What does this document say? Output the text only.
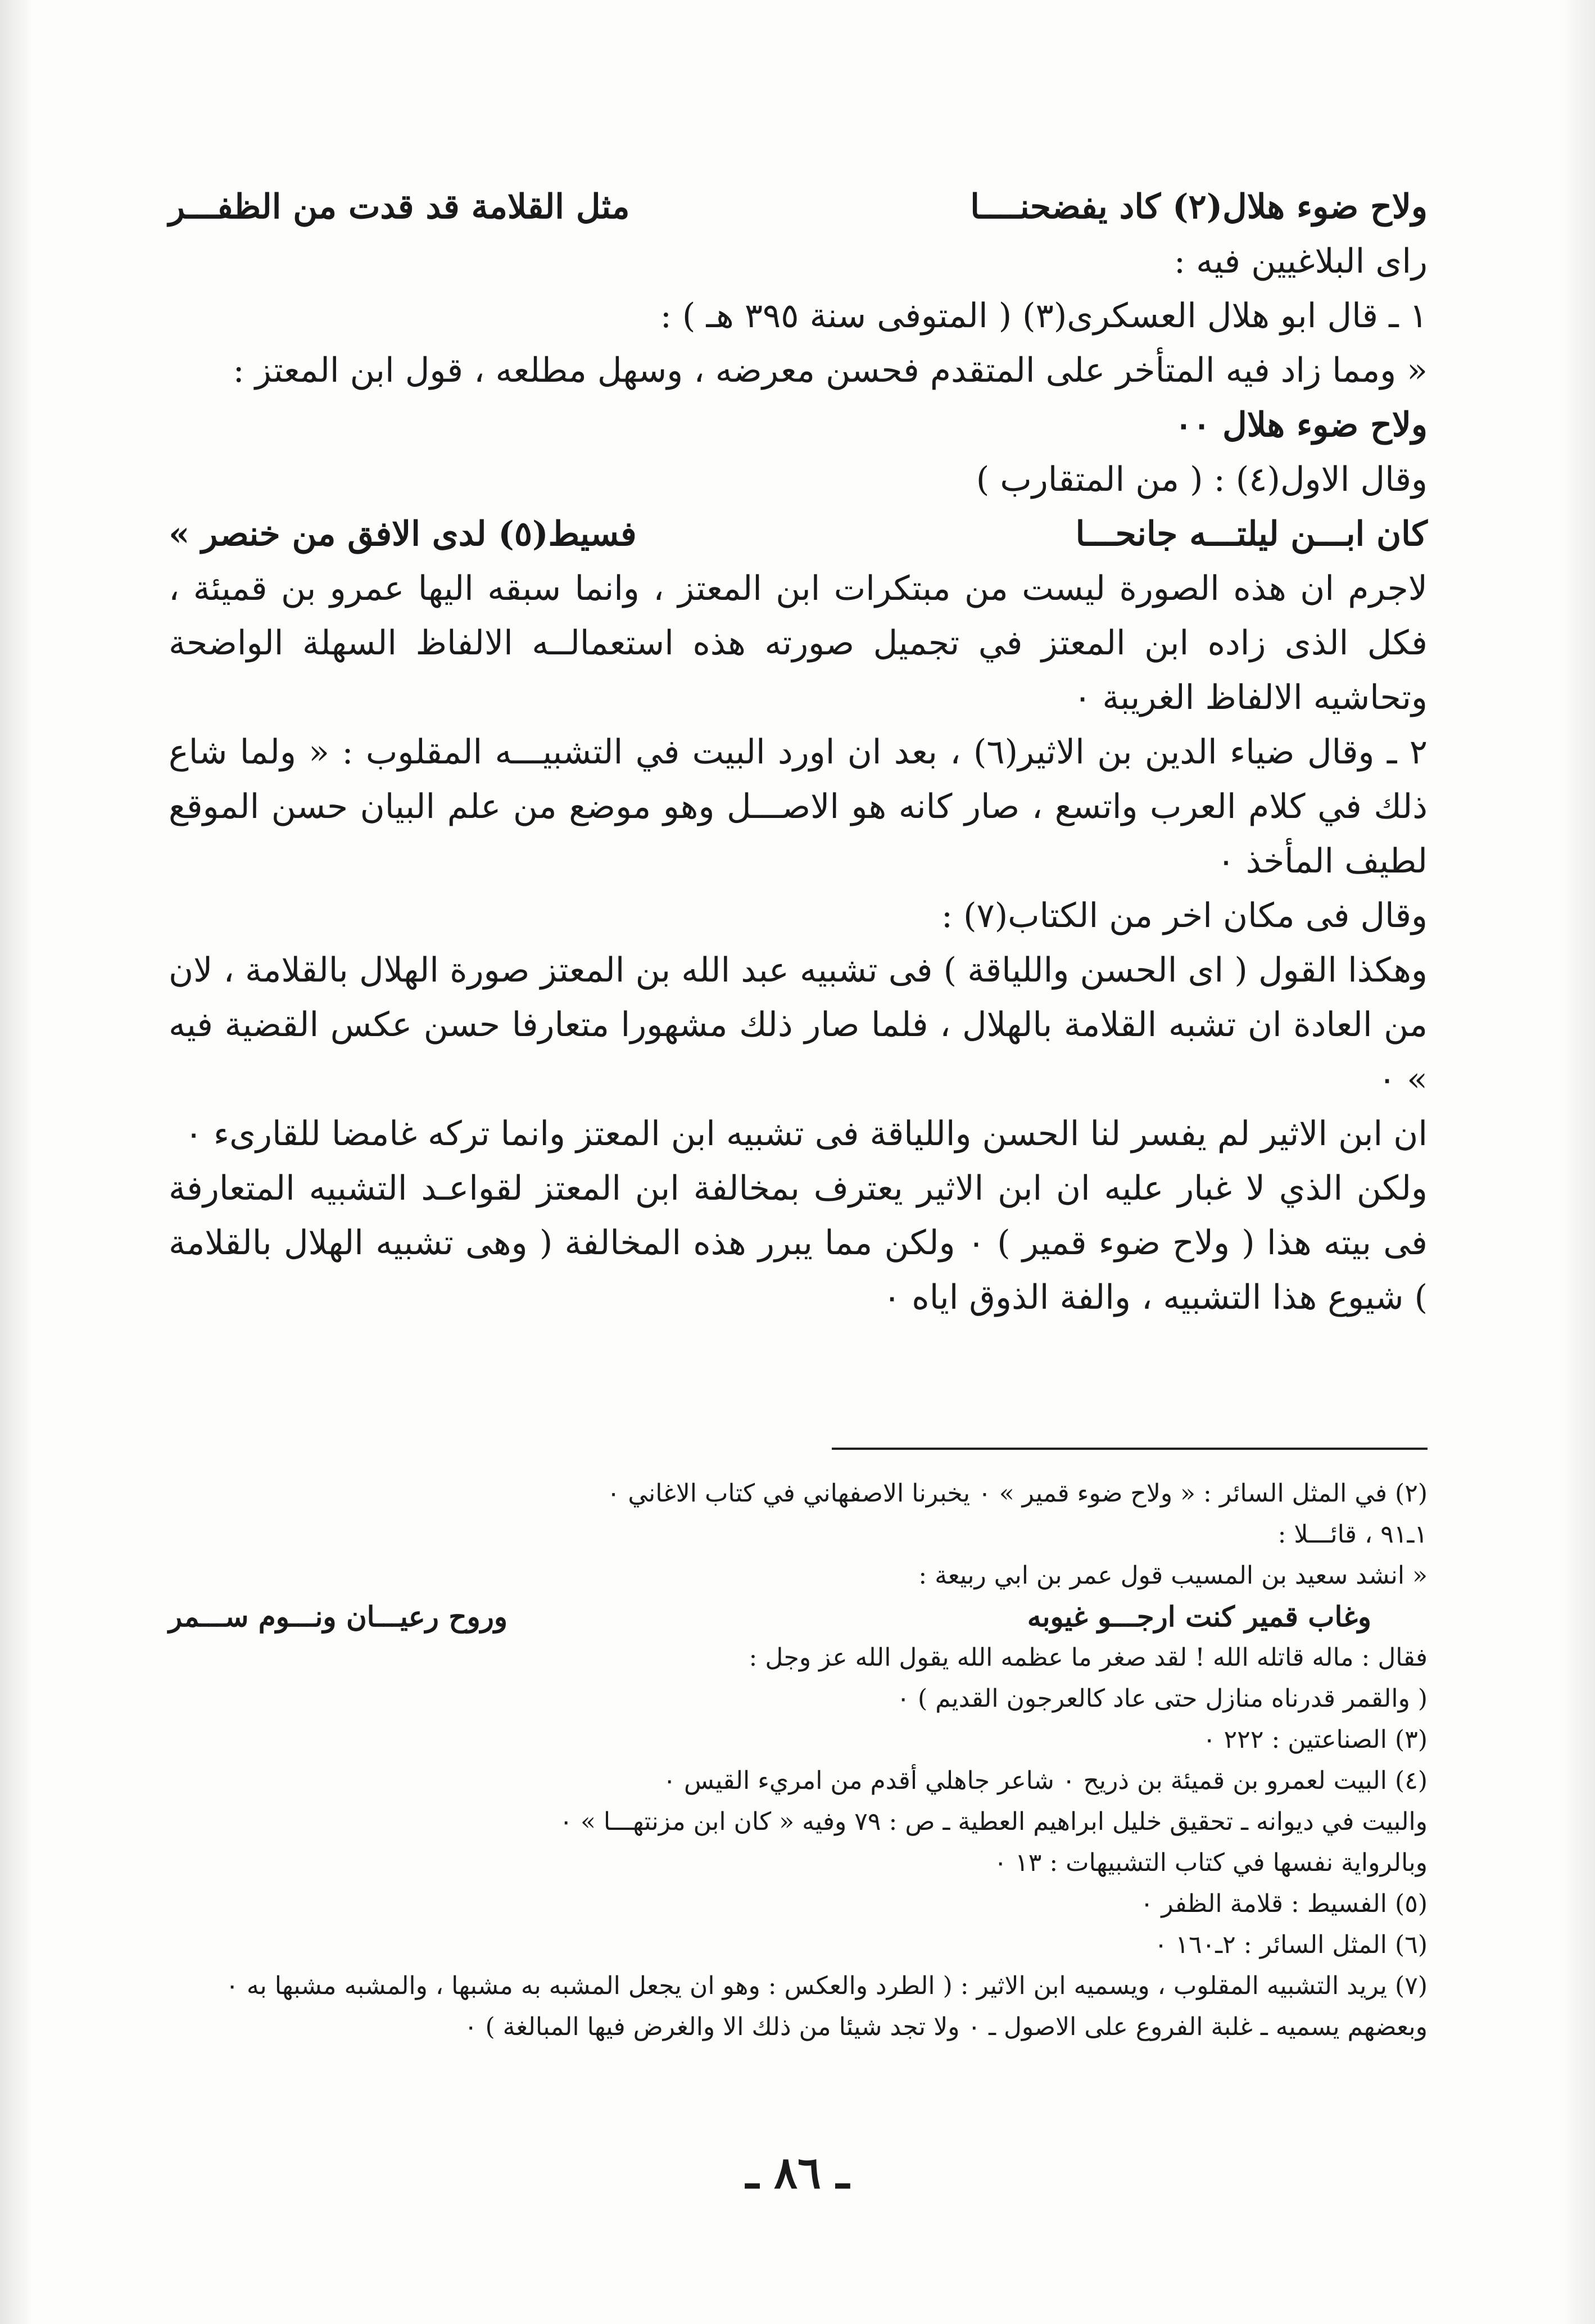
ولاح ضوء هلال(٢) كاد يفضحنــــا
مثل القلامة قد قدت من الظفـــر

راى البلاغيين فيه :

١ ـ قال ابو هلال العسكرى(٣) ( المتوفى سنة ٣٩٥ هـ ) :

« ومما زاد فيه المتأخر على المتقدم فحسن معرضه ، وسهل مطلعه ، قول ابن المعتز :

ولاح ضوء هلال ٠٠

وقال الاول(٤) : ( من المتقارب )

كان ابـــن ليلتـــه جانحـــا
فسيط(٥) لدى الافق من خنصر »

لاجرم ان هذه الصورة ليست من مبتكرات ابن المعتز ، وانما سبقه اليها عمرو بن قميئة ، فكل الذى زاده ابن المعتز في تجميل صورته هذه استعمالــه الالفاظ السهلة الواضحة وتحاشيه الالفاظ الغريبة ٠

٢ ـ وقال ضياء الدين بن الاثير(٦) ، بعد ان اورد البيت في التشبيـــه المقلوب : « ولما شاع ذلك في كلام العرب واتسع ، صار كانه هو الاصـــل وهو موضع من علم البيان حسن الموقع لطيف المأخذ ٠

وقال فى مكان اخر من الكتاب(٧) :

وهكذا القول ( اى الحسن واللياقة ) فى تشبيه عبد الله بن المعتز صورة الهلال بالقلامة ، لان من العادة ان تشبه القلامة بالهلال ، فلما صار ذلك مشهورا متعارفا حسن عكس القضية فيه » ٠

ان ابن الاثير لم يفسر لنا الحسن واللياقة فى تشبيه ابن المعتز وانما تركه غامضا للقارىء ٠

ولكن الذي لا غبار عليه ان ابن الاثير يعترف بمخالفة ابن المعتز لقواعـد التشبيه المتعارفة فى بيته هذا ( ولاح ضوء قمير ) ٠ ولكن مما يبرر هذه المخالفة ( وهى تشبيه الهلال بالقلامة ) شيوع هذا التشبيه ، والفة الذوق اياه ٠

(٢) في المثل السائر : « ولاح ضوء قمير » ٠ يخبرنا الاصفهاني في كتاب الاغاني ٠

١ـ٩١ ، قائـــلا :

« انشد سعيد بن المسيب قول عمر بن ابي ربيعة :

وغاب قمير كنت ارجـــو غيوبه
وروح رعيـــان ونـــوم ســـمر

فقال : ماله قاتله الله ! لقد صغر ما عظمه الله يقول الله عز وجل :

( والقمر قدرناه منازل حتى عاد كالعرجون القديم ) ٠

(٣) الصناعتين : ٢٢٢ ٠

(٤) البيت لعمرو بن قميئة بن ذريح ٠ شاعر جاهلي أقدم من امريء القيس ٠

والبيت في ديوانه ـ تحقيق خليل ابراهيم العطية ـ ص : ٧٩ وفيه « كان ابن مزنتهـــا » ٠

وبالرواية نفسها في كتاب التشبيهات : ١٣ ٠

(٥) الفسيط : قلامة الظفر ٠

(٦) المثل السائر : ٢ـ١٦٠ ٠

(٧) يريد التشبيه المقلوب ، ويسميه ابن الاثير : ( الطرد والعكس : وهو ان يجعل المشبه به مشبها ، والمشبه مشبها به ٠ وبعضهم يسميه ـ غلبة الفروع على الاصول ـ ٠ ولا تجد شيئا من ذلك الا والغرض فيها المبالغة ) ٠

ـ ٨٦ ـ
